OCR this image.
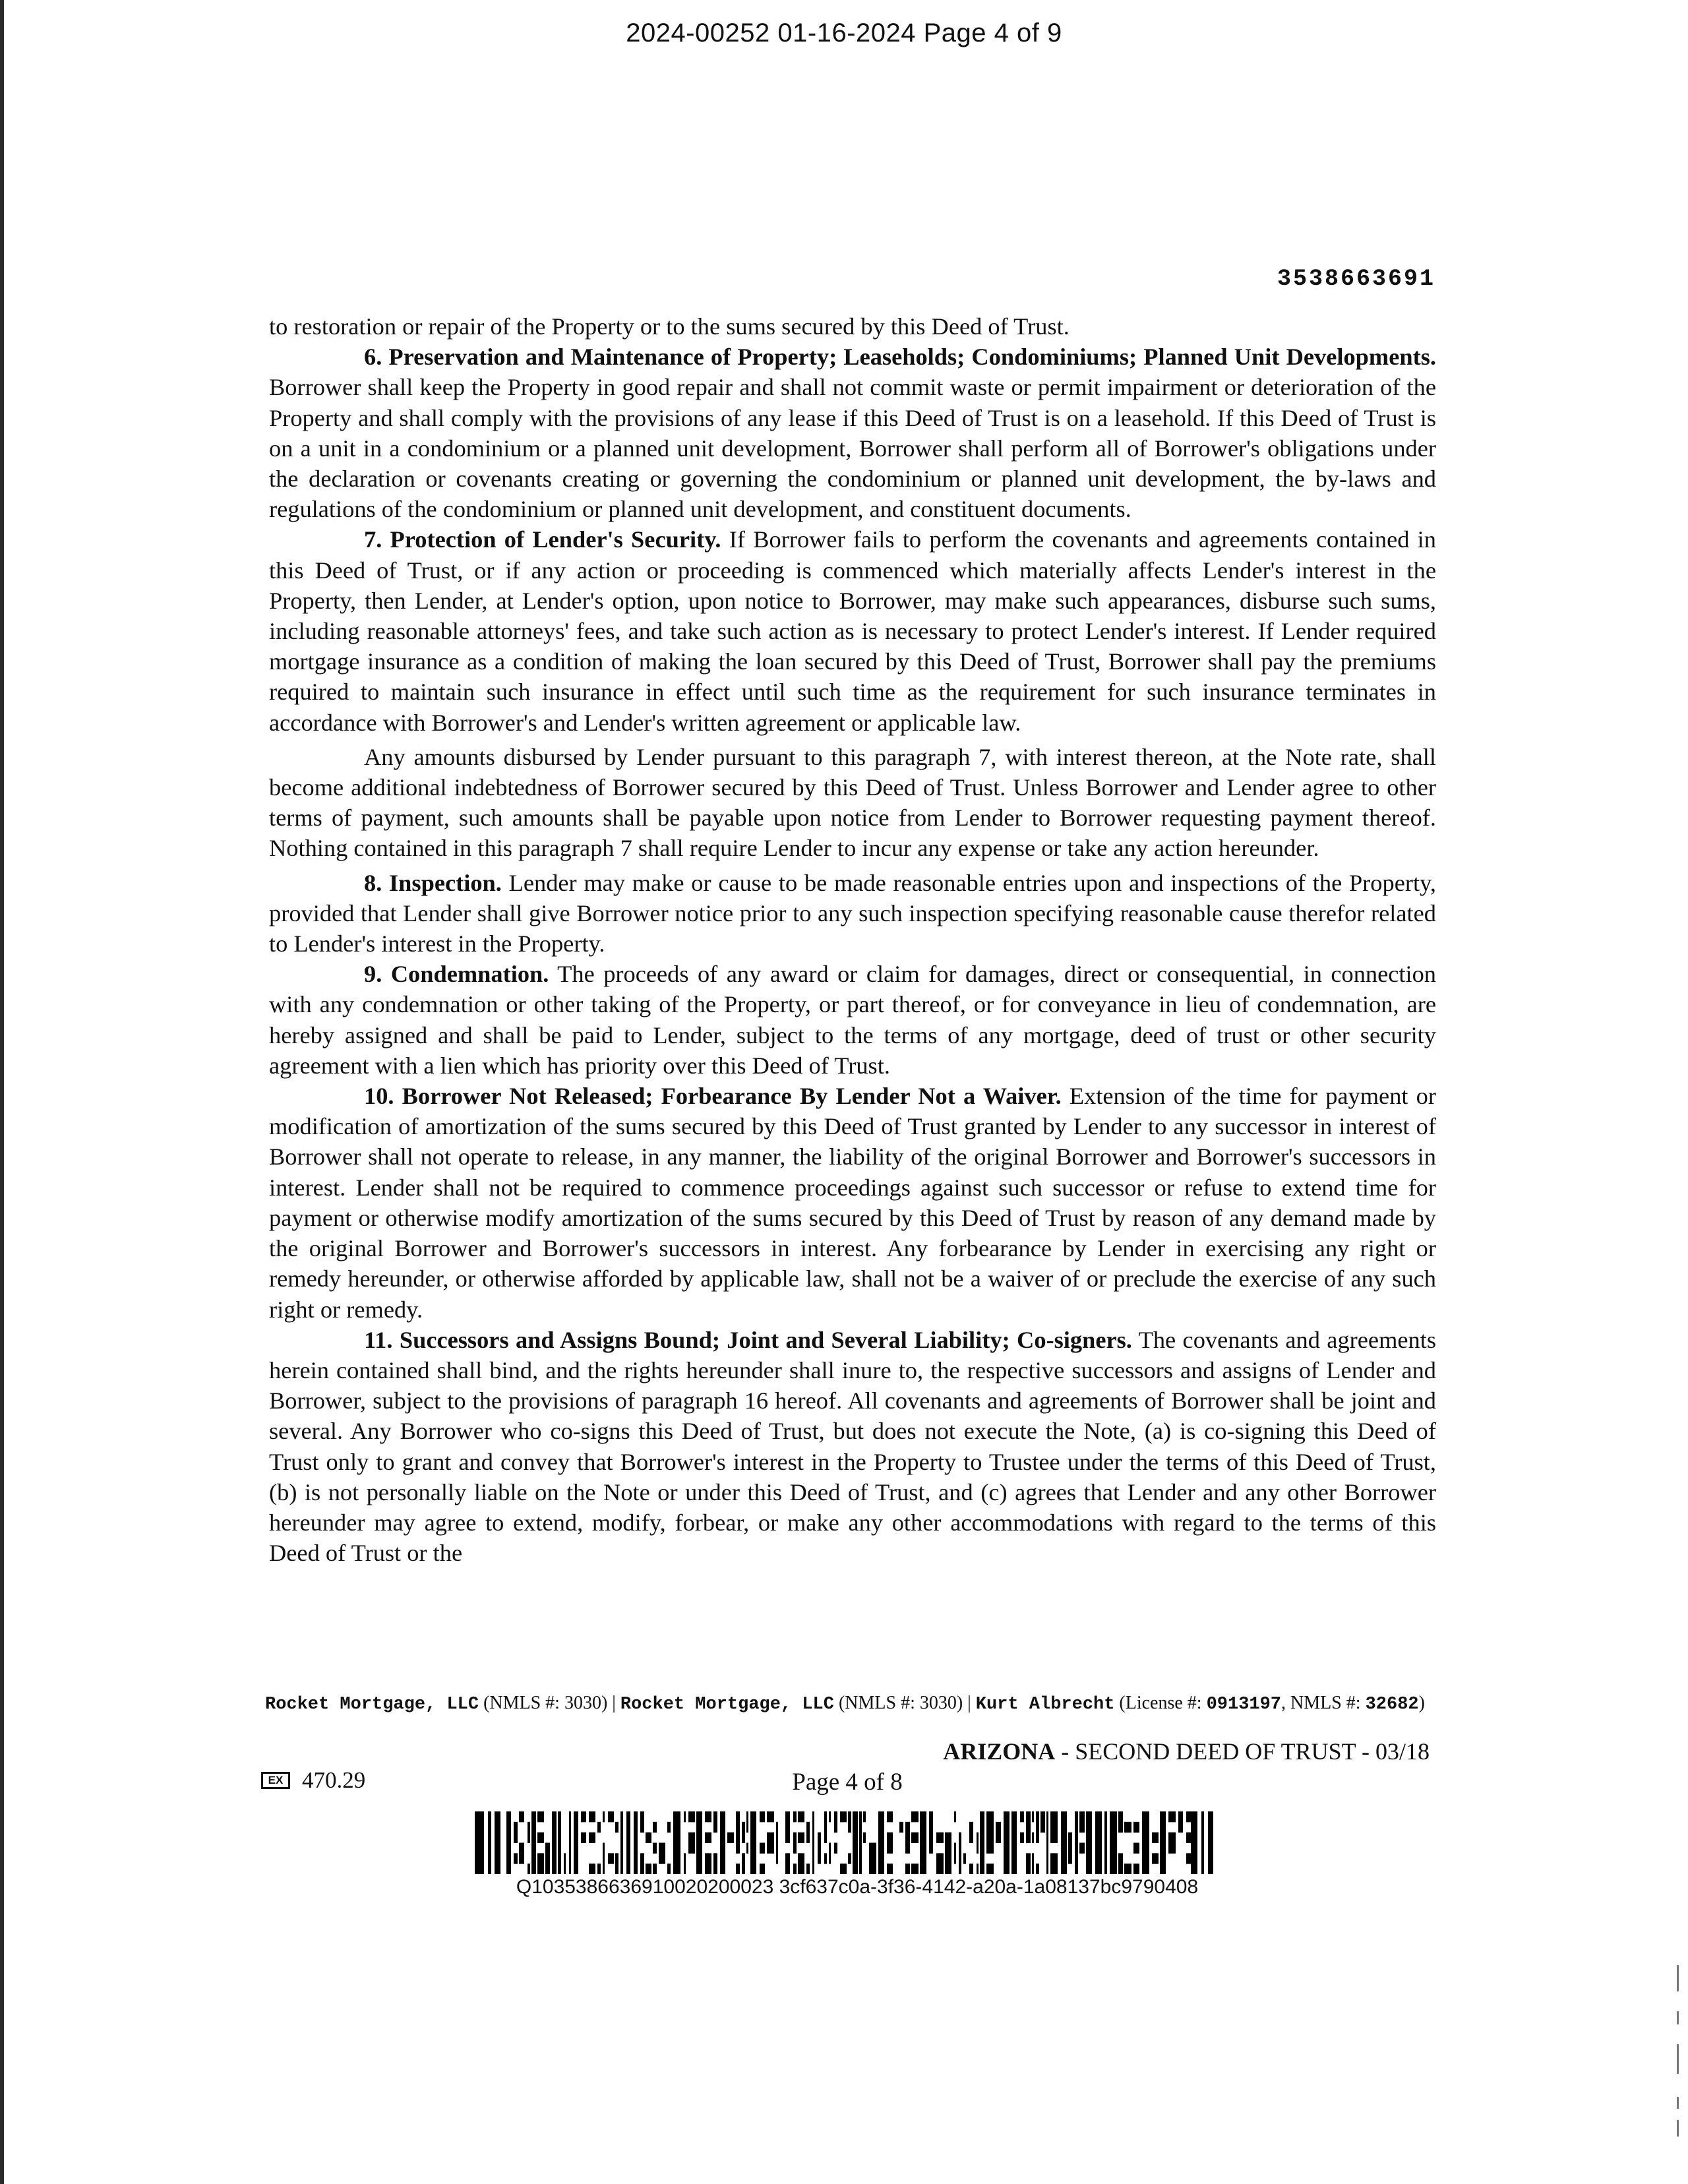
2024-00252 01-16-2024 Page 4 of 9
3538663691

to restoration or repair of the Property or to the sums secured by this Deed of Trust.

6. Preservation and Maintenance of Property; Leaseholds; Condominiums; Planned Unit Developments. Borrower shall keep the Property in good repair and shall not commit waste or permit impairment or deterioration of the Property and shall comply with the provisions of any lease if this Deed of Trust is on a leasehold. If this Deed of Trust is on a unit in a condominium or a planned unit development, Borrower shall perform all of Borrower's obligations under the declaration or covenants creating or governing the condominium or planned unit development, the by-laws and regulations of the condominium or planned unit development, and constituent documents.

7. Protection of Lender's Security. If Borrower fails to perform the covenants and agreements contained in this Deed of Trust, or if any action or proceeding is commenced which materially affects Lender's interest in the Property, then Lender, at Lender's option, upon notice to Borrower, may make such appearances, disburse such sums, including reasonable attorneys' fees, and take such action as is necessary to protect Lender's interest. If Lender required mortgage insurance as a condition of making the loan secured by this Deed of Trust, Borrower shall pay the premiums required to maintain such insurance in effect until such time as the requirement for such insurance terminates in accordance with Borrower's and Lender's written agreement or applicable law.

Any amounts disbursed by Lender pursuant to this paragraph 7, with interest thereon, at the Note rate, shall become additional indebtedness of Borrower secured by this Deed of Trust. Unless Borrower and Lender agree to other terms of payment, such amounts shall be payable upon notice from Lender to Borrower requesting payment thereof. Nothing contained in this paragraph 7 shall require Lender to incur any expense or take any action hereunder.

8. Inspection. Lender may make or cause to be made reasonable entries upon and inspections of the Property, provided that Lender shall give Borrower notice prior to any such inspection specifying reasonable cause therefor related to Lender's interest in the Property.

9. Condemnation. The proceeds of any award or claim for damages, direct or consequential, in connection with any condemnation or other taking of the Property, or part thereof, or for conveyance in lieu of condemnation, are hereby assigned and shall be paid to Lender, subject to the terms of any mortgage, deed of trust or other security agreement with a lien which has priority over this Deed of Trust.

10. Borrower Not Released; Forbearance By Lender Not a Waiver. Extension of the time for payment or modification of amortization of the sums secured by this Deed of Trust granted by Lender to any successor in interest of Borrower shall not operate to release, in any manner, the liability of the original Borrower and Borrower's successors in interest. Lender shall not be required to commence proceedings against such successor or refuse to extend time for payment or otherwise modify amortization of the sums secured by this Deed of Trust by reason of any demand made by the original Borrower and Borrower's successors in interest. Any forbearance by Lender in exercising any right or remedy hereunder, or otherwise afforded by applicable law, shall not be a waiver of or preclude the exercise of any such right or remedy.

11. Successors and Assigns Bound; Joint and Several Liability; Co-signers. The covenants and agreements herein contained shall bind, and the rights hereunder shall inure to, the respective successors and assigns of Lender and Borrower, subject to the provisions of paragraph 16 hereof. All covenants and agreements of Borrower shall be joint and several. Any Borrower who co-signs this Deed of Trust, but does not execute the Note, (a) is co-signing this Deed of Trust only to grant and convey that Borrower's interest in the Property to Trustee under the terms of this Deed of Trust, (b) is not personally liable on the Note or under this Deed of Trust, and (c) agrees that Lender and any other Borrower hereunder may agree to extend, modify, forbear, or make any other accommodations with regard to the terms of this Deed of Trust or the

Rocket Mortgage, LLC (NMLS #: 3030) | Rocket Mortgage, LLC (NMLS #: 3030) | Kurt Albrecht (License #: 0913197, NMLS #: 32682)
ARIZONA - SECOND DEED OF TRUST - 03/18
EX 470.29	Page 4 of 8
Q1035386636910020200023 3cf637c0a-3f36-4142-a20a-1a08137bc9790408
